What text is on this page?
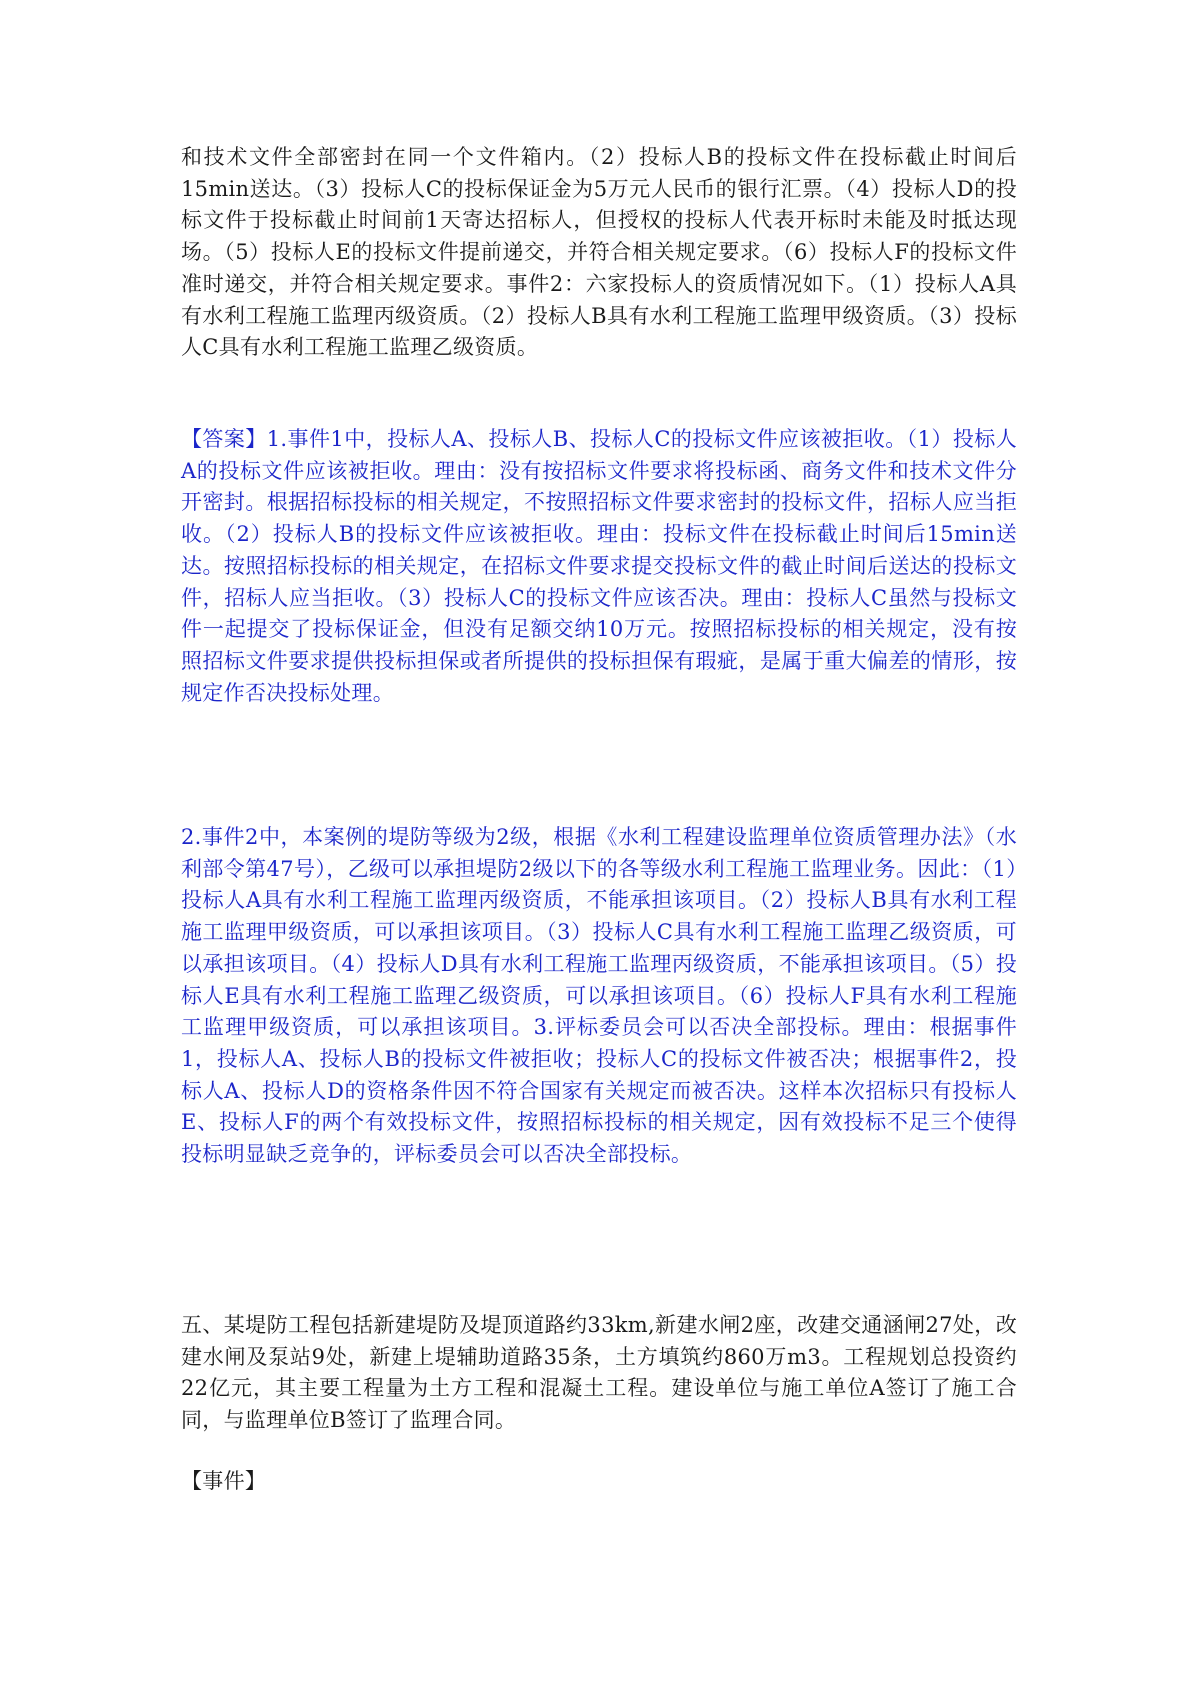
和技术文件全部密封在同一个文件箱内。（2）投标人B的投标文件在投标截止时间后15min送达。（3）投标人C的投标保证金为5万元人民币的银行汇票。（4）投标人D的投标文件于投标截止时间前1天寄达招标人，但授权的投标人代表开标时未能及时抵达现场。（5）投标人E的投标文件提前递交，并符合相关规定要求。（6）投标人F的投标文件准时递交，并符合相关规定要求。事件2：六家投标人的资质情况如下。（1）投标人A具有水利工程施工监理丙级资质。（2）投标人B具有水利工程施工监理甲级资质。（3）投标人C具有水利工程施工监理乙级资质。

【答案】1.事件1中，投标人A、投标人B、投标人C的投标文件应该被拒收。（1）投标人A的投标文件应该被拒收。理由：没有按招标文件要求将投标函、商务文件和技术文件分开密封。根据招标投标的相关规定，不按照招标文件要求密封的投标文件，招标人应当拒收。（2）投标人B的投标文件应该被拒收。理由：投标文件在投标截止时间后15min送达。按照招标投标的相关规定，在招标文件要求提交投标文件的截止时间后送达的投标文件，招标人应当拒收。（3）投标人C的投标文件应该否决。理由：投标人C虽然与投标文件一起提交了投标保证金，但没有足额交纳10万元。按照招标投标的相关规定，没有按照招标文件要求提供投标担保或者所提供的投标担保有瑕疵，是属于重大偏差的情形，按规定作否决投标处理。

2.事件2中，本案例的堤防等级为2级，根据《水利工程建设监理单位资质管理办法》（水利部令第47号），乙级可以承担堤防2级以下的各等级水利工程施工监理业务。因此：（1）投标人A具有水利工程施工监理丙级资质，不能承担该项目。（2）投标人B具有水利工程施工监理甲级资质，可以承担该项目。（3）投标人C具有水利工程施工监理乙级资质，可以承担该项目。（4）投标人D具有水利工程施工监理丙级资质，不能承担该项目。（5）投标人E具有水利工程施工监理乙级资质，可以承担该项目。（6）投标人F具有水利工程施工监理甲级资质，可以承担该项目。3.评标委员会可以否决全部投标。理由：根据事件1，投标人A、投标人B的投标文件被拒收；投标人C的投标文件被否决；根据事件2，投标人A、投标人D的资格条件因不符合国家有关规定而被否决。这样本次招标只有投标人E、投标人F的两个有效投标文件，按照招标投标的相关规定，因有效投标不足三个使得投标明显缺乏竞争的，评标委员会可以否决全部投标。

五、某堤防工程包括新建堤防及堤顶道路约33km,新建水闸2座，改建交通涵闸27处，改建水闸及泵站9处，新建上堤辅助道路35条，土方填筑约860万m3。工程规划总投资约22亿元，其主要工程量为土方工程和混凝土工程。建设单位与施工单位A签订了施工合同，与监理单位B签订了监理合同。

【事件】
